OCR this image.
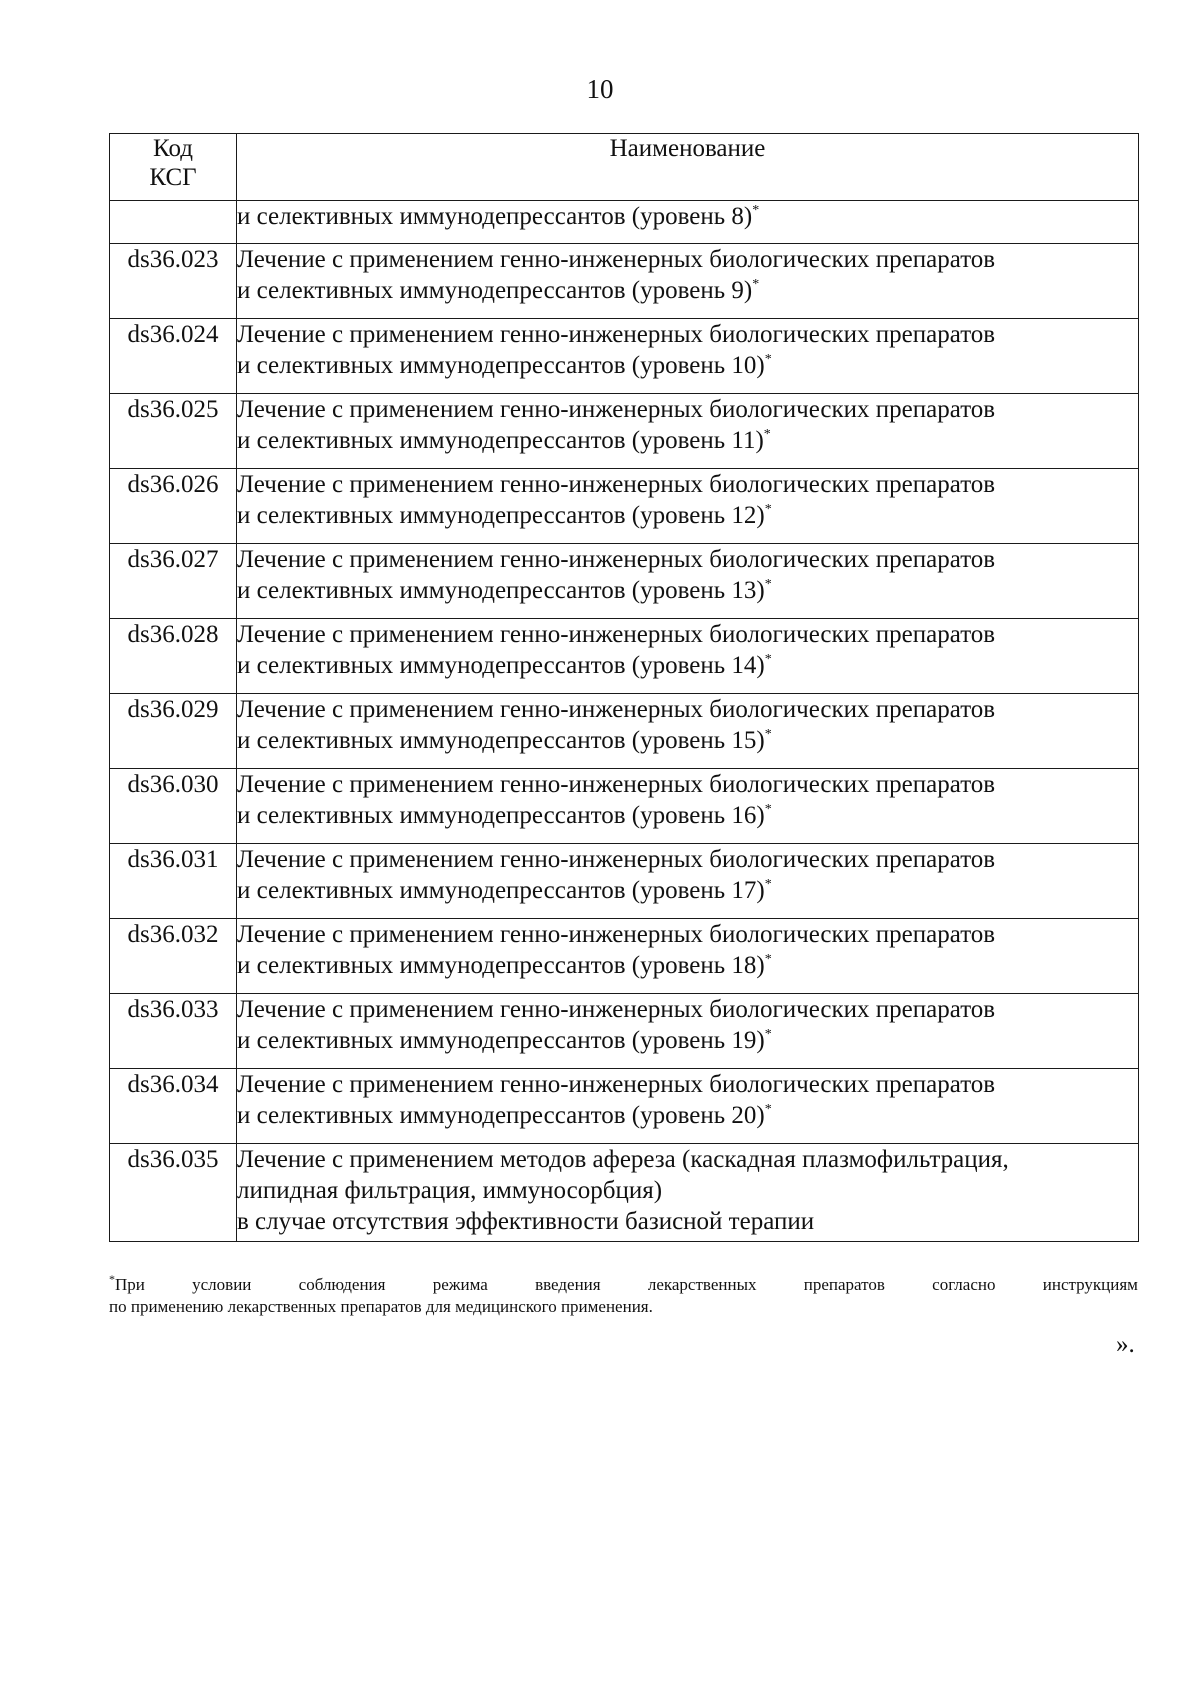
10
Код
КСГ	Наименование

	и селективных иммунодепрессантов (уровень 8)*

ds36.023	Лечение с применением генно-инженерных биологических препаратов
и селективных иммунодепрессантов (уровень 9)*

ds36.024	Лечение с применением генно-инженерных биологических препаратов
и селективных иммунодепрессантов (уровень 10)*

ds36.025	Лечение с применением генно-инженерных биологических препаратов
и селективных иммунодепрессантов (уровень 11)*

ds36.026	Лечение с применением генно-инженерных биологических препаратов
и селективных иммунодепрессантов (уровень 12)*

ds36.027	Лечение с применением генно-инженерных биологических препаратов
и селективных иммунодепрессантов (уровень 13)*

ds36.028	Лечение с применением генно-инженерных биологических препаратов
и селективных иммунодепрессантов (уровень 14)*

ds36.029	Лечение с применением генно-инженерных биологических препаратов
и селективных иммунодепрессантов (уровень 15)*

ds36.030	Лечение с применением генно-инженерных биологических препаратов
и селективных иммунодепрессантов (уровень 16)*

ds36.031	Лечение с применением генно-инженерных биологических препаратов
и селективных иммунодепрессантов (уровень 17)*

ds36.032	Лечение с применением генно-инженерных биологических препаратов
и селективных иммунодепрессантов (уровень 18)*

ds36.033	Лечение с применением генно-инженерных биологических препаратов
и селективных иммунодепрессантов (уровень 19)*

ds36.034	Лечение с применением генно-инженерных биологических препаратов
и селективных иммунодепрессантов (уровень 20)*

ds36.035	Лечение с применением методов афереза (каскадная плазмофильтрация,
липидная фильтрация, иммуносорбция)
в случае отсутствия эффективности базисной терапии
*При	условии	соблюдения	режима	введения	лекарственных	препаратов	согласно	инструкциям
по применению лекарственных препаратов для медицинского применения.
».
